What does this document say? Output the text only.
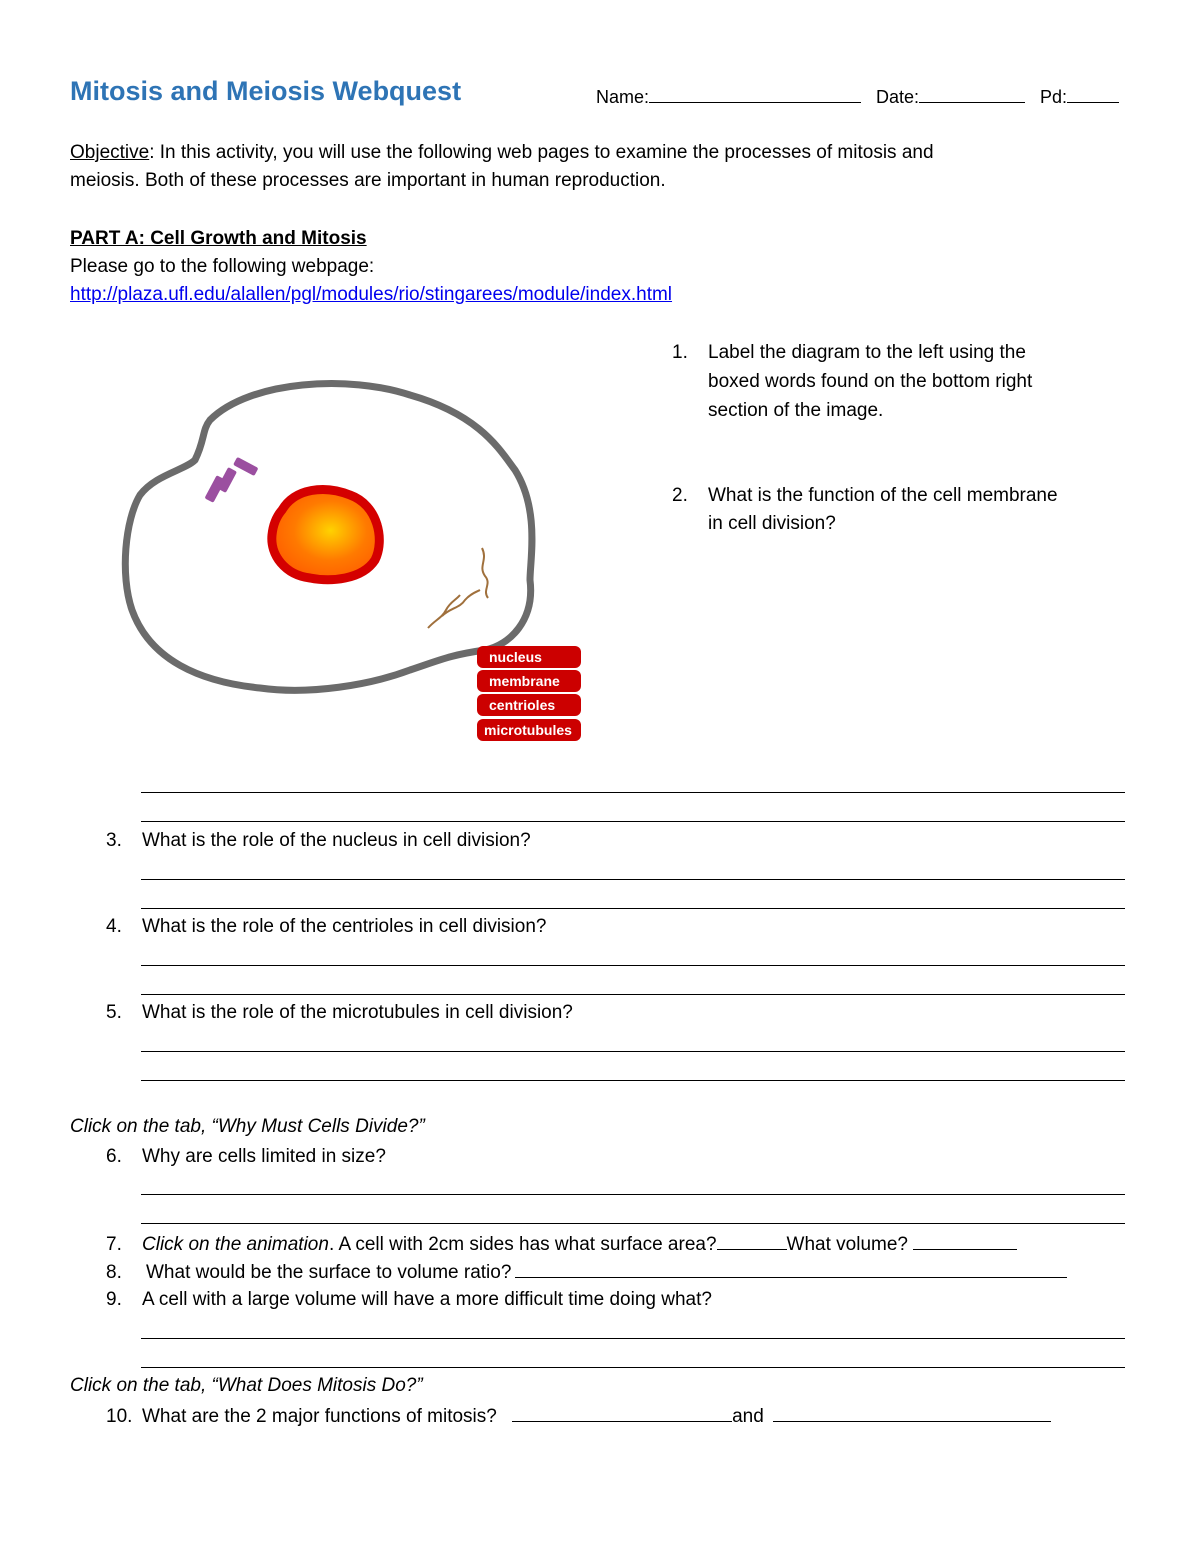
Mitosis and Meiosis Webquest	Name:	Date:	Pd:
Objective: In this activity, you will use the following web pages to examine the processes of mitosis and
meiosis. Both of these processes are important in human reproduction.
PART A: Cell Growth and Mitosis
Please go to the following webpage:
http://plaza.ufl.edu/alallen/pgl/modules/rio/stingarees/module/index.html
nucleus
membrane
centrioles
microtubules
1. Label the diagram to the left using the
boxed words found on the bottom right
section of the image.
2. What is the function of the cell membrane
in cell division?
3. What is the role of the nucleus in cell division?
4. What is the role of the centrioles in cell division?
5. What is the role of the microtubules in cell division?
Click on the tab, “Why Must Cells Divide?”
6. Why are cells limited in size?
7. Click on the animation. A cell with 2cm sides has what surface area?	What volume?
8. What would be the surface to volume ratio?
9. A cell with a large volume will have a more difficult time doing what?
Click on the tab, “What Does Mitosis Do?”
10. What are the 2 major functions of mitosis?	and
